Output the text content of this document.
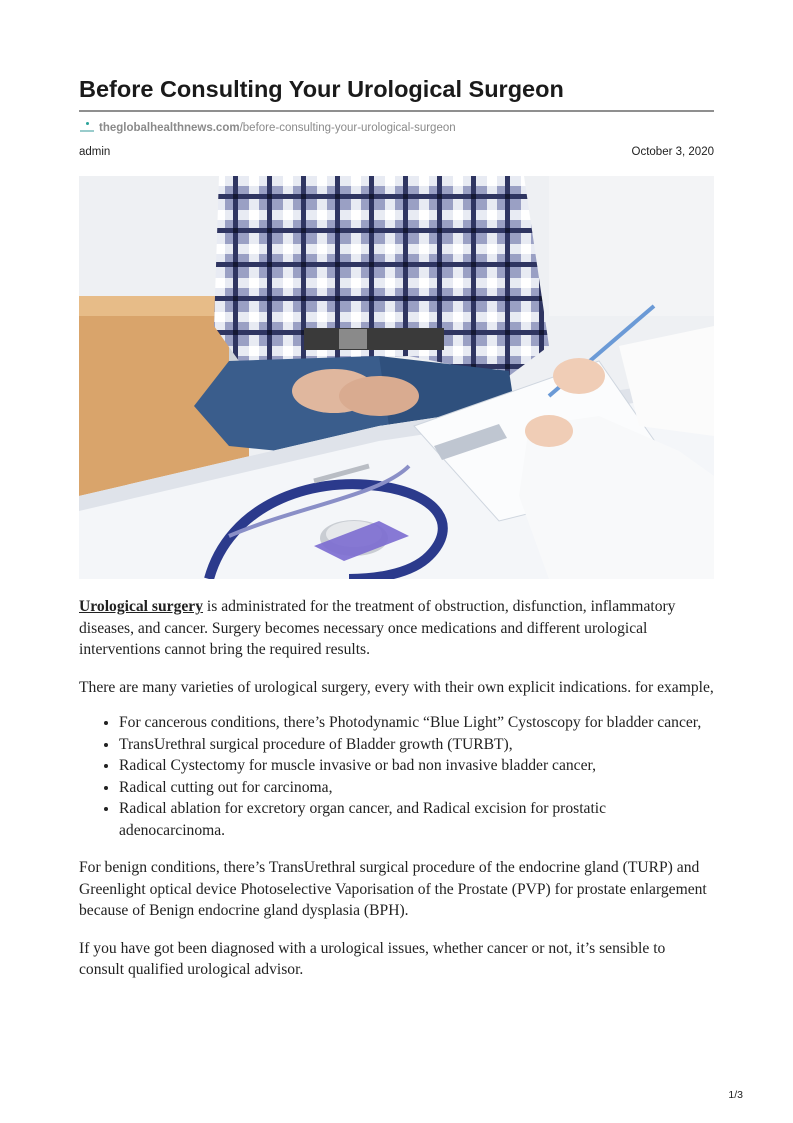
Before Consulting Your Urological Surgeon
theglobalhealthnews.com /before-consulting-your-urological-surgeon
admin	October 3, 2020

Urological surgery is administrated for the treatment of obstruction, disfunction, inflammatory diseases, and cancer. Surgery becomes necessary once medications and different urological interventions cannot bring the required results.

There are many varieties of urological surgery, every with their own explicit indications. for example,

• For cancerous conditions, there’s Photodynamic “Blue Light” Cystoscopy for bladder cancer,
• TransUrethral surgical procedure of Bladder growth (TURBT),
• Radical Cystectomy for muscle invasive or bad non invasive bladder cancer,
• Radical cutting out for carcinoma,
• Radical ablation for excretory organ cancer, and Radical excision for prostatic adenocarcinoma.

For benign conditions, there’s TransUrethral surgical procedure of the endocrine gland (TURP) and Greenlight optical device Photoselective Vaporisation of the Prostate (PVP) for prostate enlargement because of Benign endocrine gland dysplasia (BPH).

If you have got been diagnosed with a urological issues, whether cancer or not, it’s sensible to consult qualified urological advisor.

1/3
